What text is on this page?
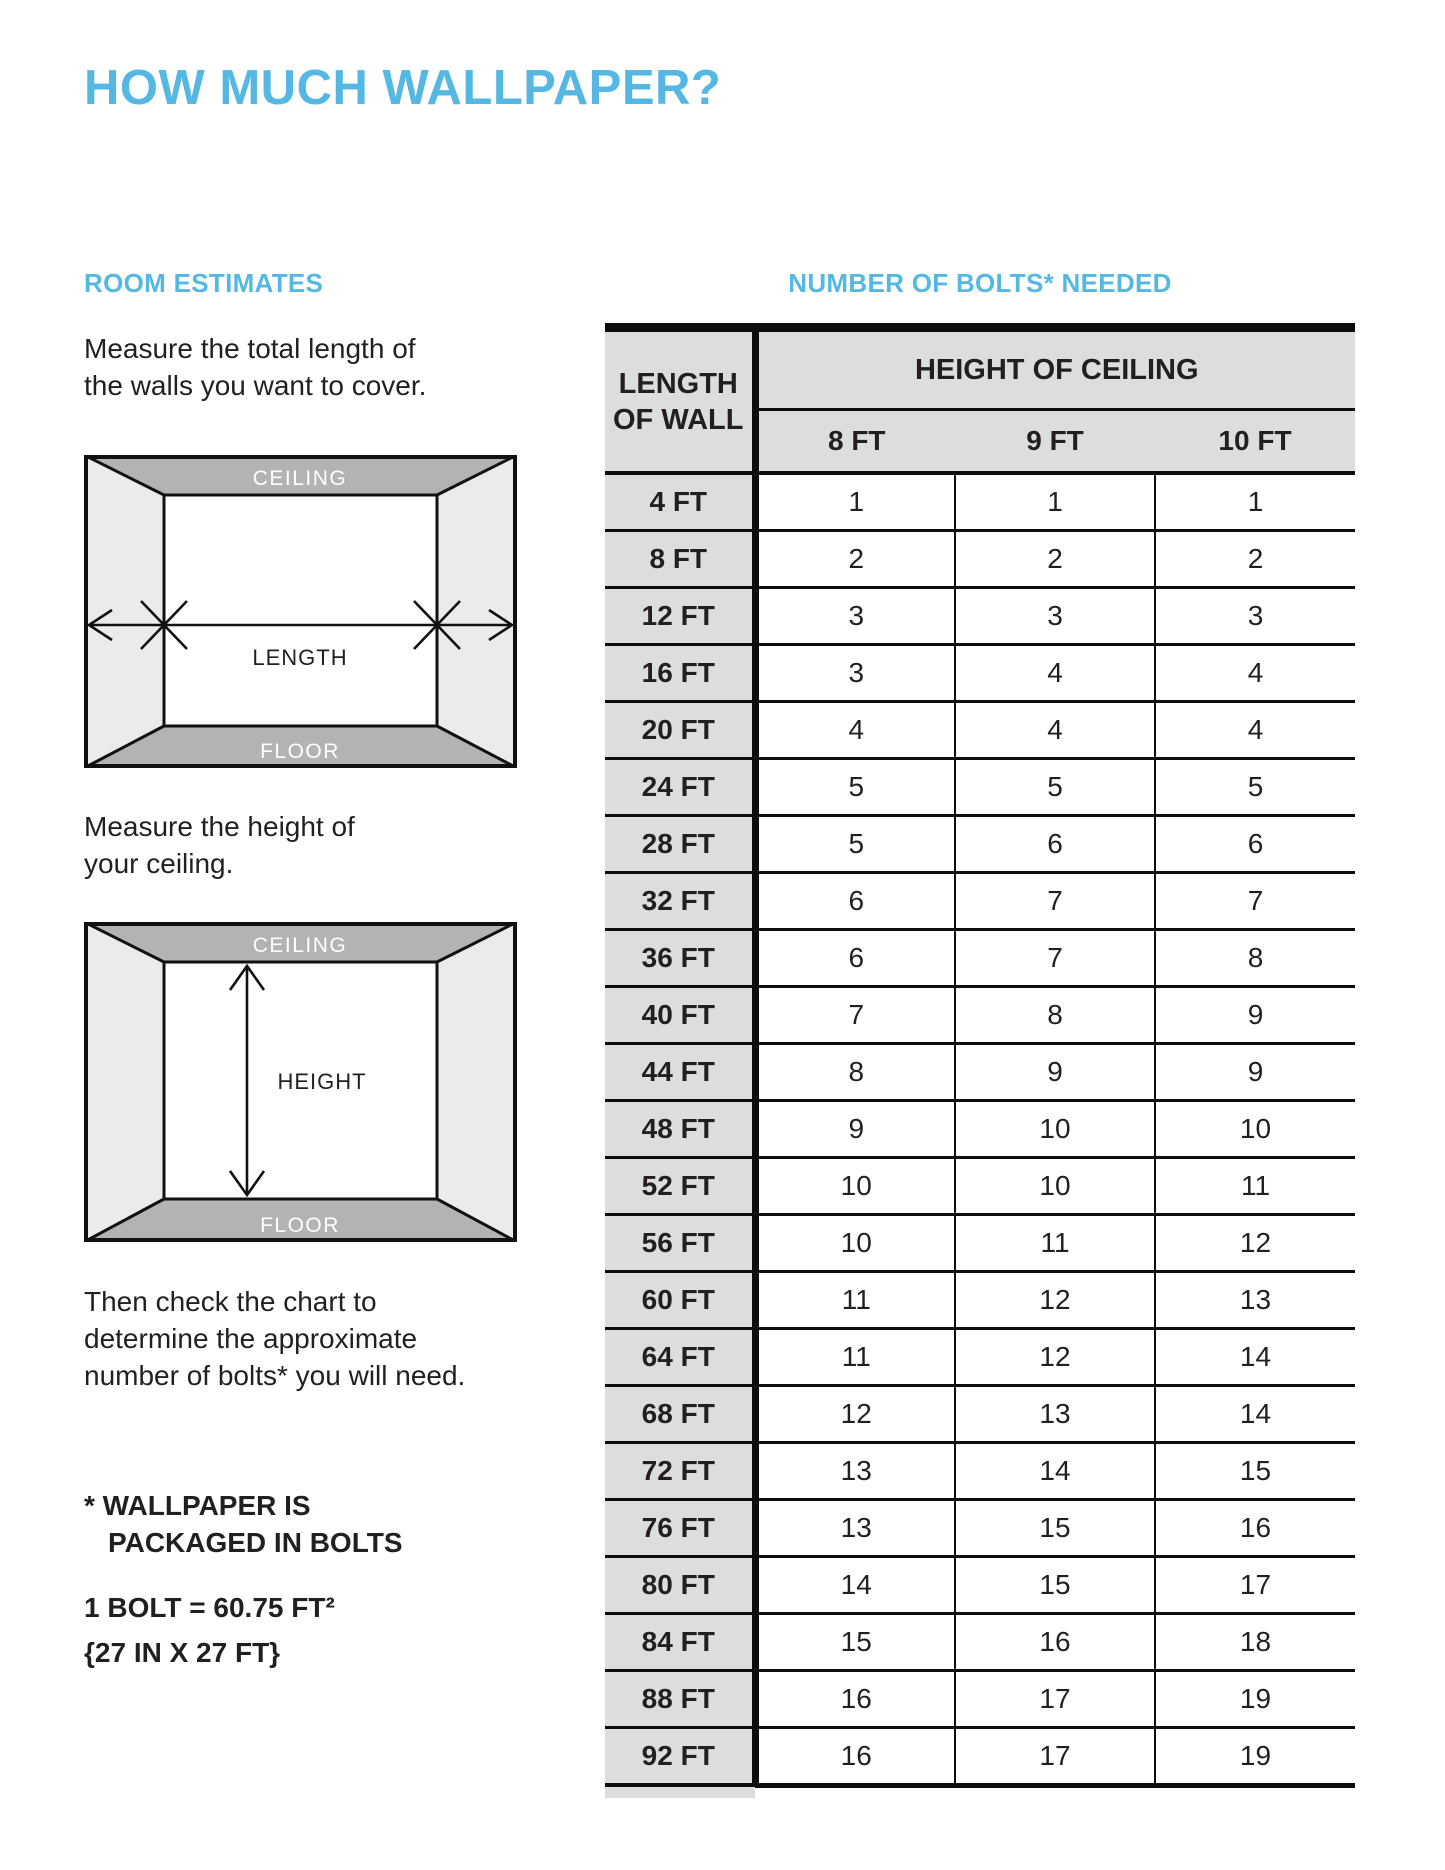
HOW MUCH WALLPAPER?
ROOM ESTIMATES	NUMBER OF BOLTS* NEEDED
Measure the total length of
the walls you want to cover.
CEILING
LENGTH
FLOOR
Measure the height of
your ceiling.
CEILING
HEIGHT
FLOOR
Then check the chart to
determine the approximate
number of bolts* you will need.
* WALLPAPER IS
PACKAGED IN BOLTS
1 BOLT = 60.75 FT²
{27 IN X 27 FT}
LENGTH
OF WALL	HEIGHT OF CEILING		
	8 FT	9 FT	10 FT
4 FT	1	1	1
8 FT	2	2	2
12 FT	3	3	3
16 FT	3	4	4
20 FT	4	4	4
24 FT	5	5	5
28 FT	5	6	6
32 FT	6	7	7
36 FT	6	7	8
40 FT	7	8	9
44 FT	8	9	9
48 FT	9	10	10
52 FT	10	10	11
56 FT	10	11	12
60 FT	11	12	13
64 FT	11	12	14
68 FT	12	13	14
72 FT	13	14	15
76 FT	13	15	16
80 FT	14	15	17
84 FT	15	16	18
88 FT	16	17	19
92 FT	16	17	19
